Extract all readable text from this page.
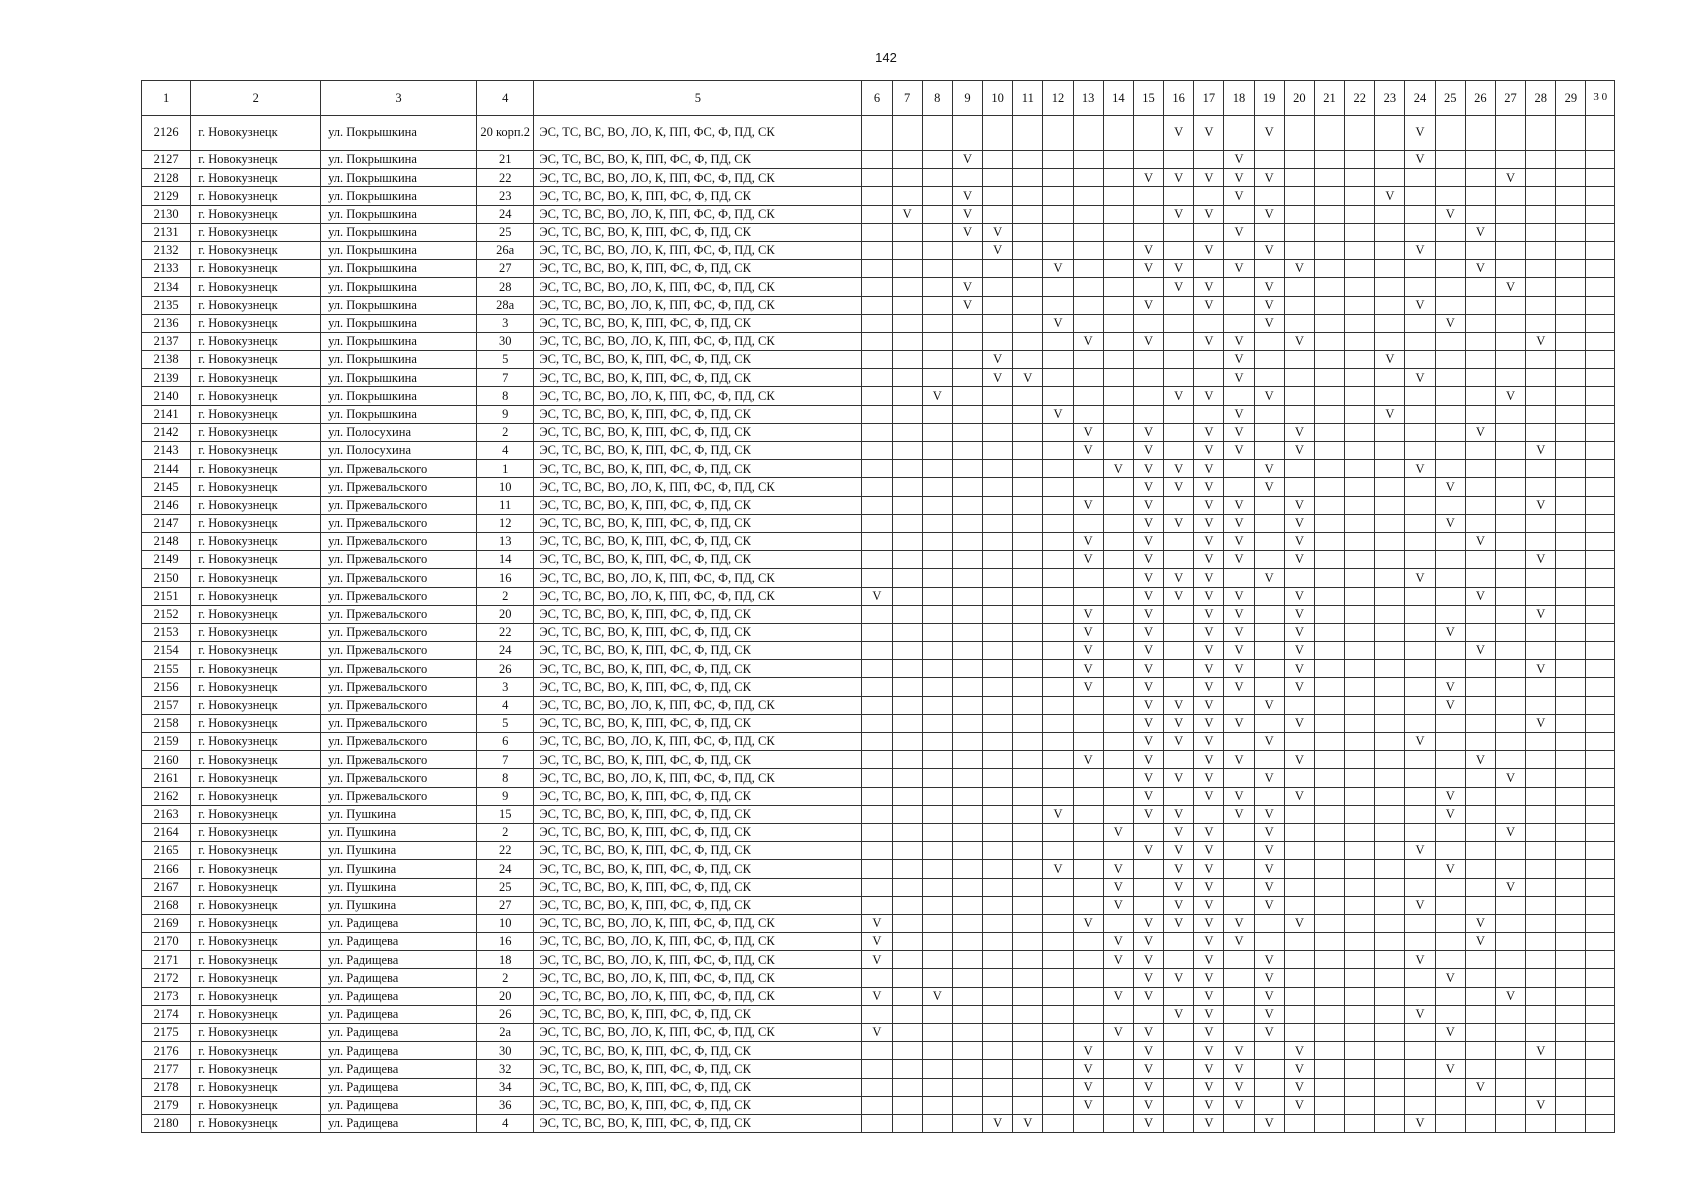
142
1	2	3	4	5	6	7	8	9	10	11	12	13	14	15	16	17	18	19	20	21	22	23	24	25	26	27	28	29	3 0
2126	г. Новокузнецк	ул. Покрышкина	20 корп.2	ЭС, ТС, ВС, ВО, ЛО, К, ПП, ФС, Ф, ПД, СК											V	V		V					V						
2127	г. Новокузнецк	ул. Покрышкина	21	ЭС, ТС, ВС, ВО, К, ПП, ФС, Ф, ПД, СК				V									V						V						
2128	г. Новокузнецк	ул. Покрышкина	22	ЭС, ТС, ВС, ВО, ЛО, К, ПП, ФС, Ф, ПД, СК										V	V	V	V	V								V			
2129	г. Новокузнецк	ул. Покрышкина	23	ЭС, ТС, ВС, ВО, К, ПП, ФС, Ф, ПД, СК				V									V					V							
2130	г. Новокузнецк	ул. Покрышкина	24	ЭС, ТС, ВС, ВО, ЛО, К, ПП, ФС, Ф, ПД, СК		V		V							V	V		V						V					
2131	г. Новокузнецк	ул. Покрышкина	25	ЭС, ТС, ВС, ВО, К, ПП, ФС, Ф, ПД, СК				V	V								V								V				
2132	г. Новокузнецк	ул. Покрышкина	26а	ЭС, ТС, ВС, ВО, ЛО, К, ПП, ФС, Ф, ПД, СК					V					V		V		V					V						
2133	г. Новокузнецк	ул. Покрышкина	27	ЭС, ТС, ВС, ВО, К, ПП, ФС, Ф, ПД, СК							V			V	V		V		V						V				
2134	г. Новокузнецк	ул. Покрышкина	28	ЭС, ТС, ВС, ВО, ЛО, К, ПП, ФС, Ф, ПД, СК				V							V	V		V								V			
2135	г. Новокузнецк	ул. Покрышкина	28а	ЭС, ТС, ВС, ВО, ЛО, К, ПП, ФС, Ф, ПД, СК				V						V		V		V					V						
2136	г. Новокузнецк	ул. Покрышкина	3	ЭС, ТС, ВС, ВО, К, ПП, ФС, Ф, ПД, СК							V							V						V					
2137	г. Новокузнецк	ул. Покрышкина	30	ЭС, ТС, ВС, ВО, ЛО, К, ПП, ФС, Ф, ПД, СК								V		V		V	V		V								V		
2138	г. Новокузнецк	ул. Покрышкина	5	ЭС, ТС, ВС, ВО, К, ПП, ФС, Ф, ПД, СК					V								V					V							
2139	г. Новокузнецк	ул. Покрышкина	7	ЭС, ТС, ВС, ВО, К, ПП, ФС, Ф, ПД, СК					V	V							V						V						
2140	г. Новокузнецк	ул. Покрышкина	8	ЭС, ТС, ВС, ВО, ЛО, К, ПП, ФС, Ф, ПД, СК			V								V	V		V								V			
2141	г. Новокузнецк	ул. Покрышкина	9	ЭС, ТС, ВС, ВО, К, ПП, ФС, Ф, ПД, СК							V						V					V							
2142	г. Новокузнецк	ул. Полосухина	2	ЭС, ТС, ВС, ВО, К, ПП, ФС, Ф, ПД, СК								V		V		V	V		V						V				
2143	г. Новокузнецк	ул. Полосухина	4	ЭС, ТС, ВС, ВО, К, ПП, ФС, Ф, ПД, СК								V		V		V	V		V								V		
2144	г. Новокузнецк	ул. Пржевальского	1	ЭС, ТС, ВС, ВО, К, ПП, ФС, Ф, ПД, СК									V	V	V	V		V					V						
2145	г. Новокузнецк	ул. Пржевальского	10	ЭС, ТС, ВС, ВО, ЛО, К, ПП, ФС, Ф, ПД, СК										V	V	V		V						V					
2146	г. Новокузнецк	ул. Пржевальского	11	ЭС, ТС, ВС, ВО, К, ПП, ФС, Ф, ПД, СК								V		V		V	V		V								V		
2147	г. Новокузнецк	ул. Пржевальского	12	ЭС, ТС, ВС, ВО, К, ПП, ФС, Ф, ПД, СК										V	V	V	V		V					V					
2148	г. Новокузнецк	ул. Пржевальского	13	ЭС, ТС, ВС, ВО, К, ПП, ФС, Ф, ПД, СК								V		V		V	V		V						V				
2149	г. Новокузнецк	ул. Пржевальского	14	ЭС, ТС, ВС, ВО, К, ПП, ФС, Ф, ПД, СК								V		V		V	V		V								V		
2150	г. Новокузнецк	ул. Пржевальского	16	ЭС, ТС, ВС, ВО, ЛО, К, ПП, ФС, Ф, ПД, СК										V	V	V		V					V						
2151	г. Новокузнецк	ул. Пржевальского	2	ЭС, ТС, ВС, ВО, ЛО, К, ПП, ФС, Ф, ПД, СК	V									V	V	V	V		V						V				
2152	г. Новокузнецк	ул. Пржевальского	20	ЭС, ТС, ВС, ВО, К, ПП, ФС, Ф, ПД, СК								V		V		V	V		V								V		
2153	г. Новокузнецк	ул. Пржевальского	22	ЭС, ТС, ВС, ВО, К, ПП, ФС, Ф, ПД, СК								V		V		V	V		V					V					
2154	г. Новокузнецк	ул. Пржевальского	24	ЭС, ТС, ВС, ВО, К, ПП, ФС, Ф, ПД, СК								V		V		V	V		V						V				
2155	г. Новокузнецк	ул. Пржевальского	26	ЭС, ТС, ВС, ВО, К, ПП, ФС, Ф, ПД, СК								V		V		V	V		V								V		
2156	г. Новокузнецк	ул. Пржевальского	3	ЭС, ТС, ВС, ВО, К, ПП, ФС, Ф, ПД, СК								V		V		V	V		V					V					
2157	г. Новокузнецк	ул. Пржевальского	4	ЭС, ТС, ВС, ВО, ЛО, К, ПП, ФС, Ф, ПД, СК										V	V	V		V						V					
2158	г. Новокузнецк	ул. Пржевальского	5	ЭС, ТС, ВС, ВО, К, ПП, ФС, Ф, ПД, СК										V	V	V	V		V								V		
2159	г. Новокузнецк	ул. Пржевальского	6	ЭС, ТС, ВС, ВО, ЛО, К, ПП, ФС, Ф, ПД, СК										V	V	V		V					V						
2160	г. Новокузнецк	ул. Пржевальского	7	ЭС, ТС, ВС, ВО, К, ПП, ФС, Ф, ПД, СК								V		V		V	V		V						V				
2161	г. Новокузнецк	ул. Пржевальского	8	ЭС, ТС, ВС, ВО, ЛО, К, ПП, ФС, Ф, ПД, СК										V	V	V		V								V			
2162	г. Новокузнецк	ул. Пржевальского	9	ЭС, ТС, ВС, ВО, К, ПП, ФС, Ф, ПД, СК										V		V	V		V					V					
2163	г. Новокузнецк	ул. Пушкина	15	ЭС, ТС, ВС, ВО, К, ПП, ФС, Ф, ПД, СК							V			V	V		V	V						V					
2164	г. Новокузнецк	ул. Пушкина	2	ЭС, ТС, ВС, ВО, К, ПП, ФС, Ф, ПД, СК									V		V	V		V								V			
2165	г. Новокузнецк	ул. Пушкина	22	ЭС, ТС, ВС, ВО, К, ПП, ФС, Ф, ПД, СК										V	V	V		V					V						
2166	г. Новокузнецк	ул. Пушкина	24	ЭС, ТС, ВС, ВО, К, ПП, ФС, Ф, ПД, СК							V		V		V	V		V						V					
2167	г. Новокузнецк	ул. Пушкина	25	ЭС, ТС, ВС, ВО, К, ПП, ФС, Ф, ПД, СК									V		V	V		V								V			
2168	г. Новокузнецк	ул. Пушкина	27	ЭС, ТС, ВС, ВО, К, ПП, ФС, Ф, ПД, СК									V		V	V		V					V						
2169	г. Новокузнецк	ул. Радищева	10	ЭС, ТС, ВС, ВО, ЛО, К, ПП, ФС, Ф, ПД, СК	V							V		V	V	V	V		V						V				
2170	г. Новокузнецк	ул. Радищева	16	ЭС, ТС, ВС, ВО, ЛО, К, ПП, ФС, Ф, ПД, СК	V								V	V		V	V								V				
2171	г. Новокузнецк	ул. Радищева	18	ЭС, ТС, ВС, ВО, ЛО, К, ПП, ФС, Ф, ПД, СК	V								V	V		V		V					V						
2172	г. Новокузнецк	ул. Радищева	2	ЭС, ТС, ВС, ВО, ЛО, К, ПП, ФС, Ф, ПД, СК										V	V	V		V						V					
2173	г. Новокузнецк	ул. Радищева	20	ЭС, ТС, ВС, ВО, ЛО, К, ПП, ФС, Ф, ПД, СК	V		V						V	V		V		V								V			
2174	г. Новокузнецк	ул. Радищева	26	ЭС, ТС, ВС, ВО, К, ПП, ФС, Ф, ПД, СК											V	V		V					V						
2175	г. Новокузнецк	ул. Радищева	2а	ЭС, ТС, ВС, ВО, ЛО, К, ПП, ФС, Ф, ПД, СК	V								V	V		V		V						V					
2176	г. Новокузнецк	ул. Радищева	30	ЭС, ТС, ВС, ВО, К, ПП, ФС, Ф, ПД, СК								V		V		V	V		V								V		
2177	г. Новокузнецк	ул. Радищева	32	ЭС, ТС, ВС, ВО, К, ПП, ФС, Ф, ПД, СК								V		V		V	V		V					V					
2178	г. Новокузнецк	ул. Радищева	34	ЭС, ТС, ВС, ВО, К, ПП, ФС, Ф, ПД, СК								V		V		V	V		V						V				
2179	г. Новокузнецк	ул. Радищева	36	ЭС, ТС, ВС, ВО, К, ПП, ФС, Ф, ПД, СК								V		V		V	V		V								V		
2180	г. Новокузнецк	ул. Радищева	4	ЭС, ТС, ВС, ВО, К, ПП, ФС, Ф, ПД, СК					V	V				V		V		V					V						
